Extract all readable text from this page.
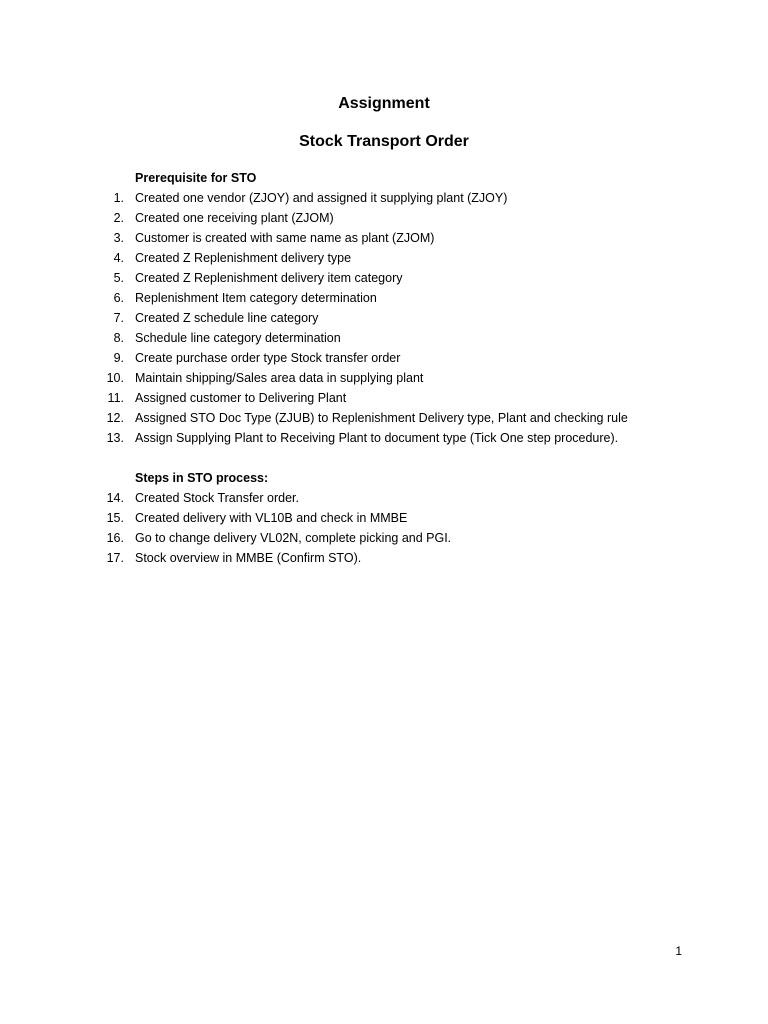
Assignment
Stock Transport Order
Prerequisite for STO
1. Created one vendor (ZJOY) and assigned it supplying plant (ZJOY)
2. Created one receiving plant (ZJOM)
3. Customer is created with same name as plant (ZJOM)
4. Created Z Replenishment delivery type
5. Created Z Replenishment delivery item category
6. Replenishment Item category determination
7. Created Z schedule line category
8. Schedule line category determination
9. Create purchase order type Stock transfer order
10. Maintain shipping/Sales area data in supplying plant
11. Assigned customer to Delivering Plant
12. Assigned STO Doc Type (ZJUB) to Replenishment Delivery type, Plant and checking rule
13. Assign Supplying Plant to Receiving Plant to document type (Tick One step procedure).
Steps in STO process:
14. Created Stock Transfer order.
15. Created delivery with VL10B and check in MMBE
16. Go to change delivery VL02N, complete picking and PGI.
17. Stock overview in MMBE (Confirm STO).
1
